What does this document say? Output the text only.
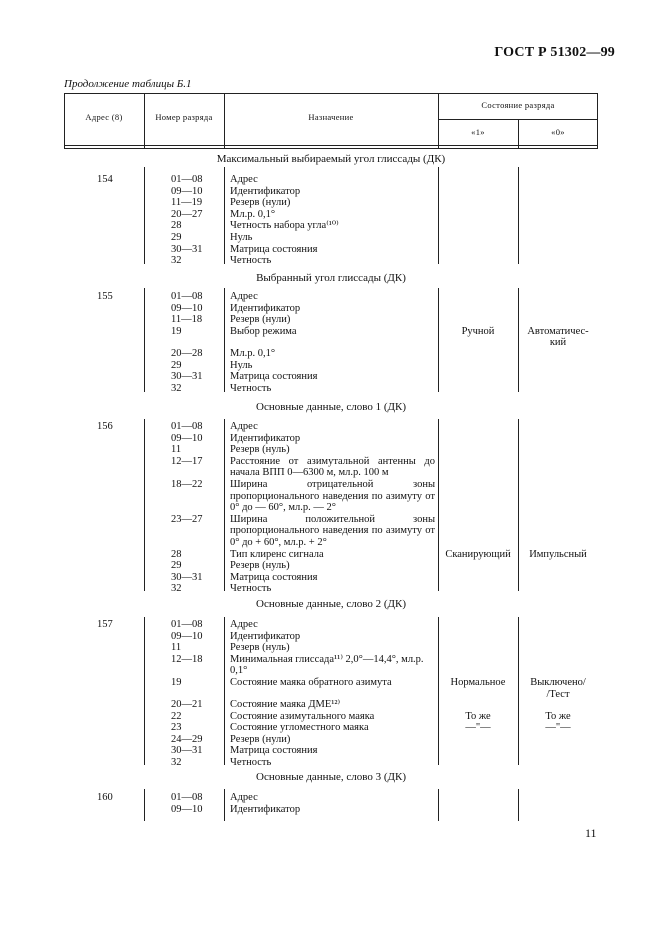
ГОСТ Р 51302—99
Продолжение таблицы Б.1
Адрес (8)	Номер разряда	Назначение
Состояние разряда
«1»	«0»
Максимальный выбираемый угол глиссады (ДК)
154	01—08	Адрес
09—10	Идентификатор
11—19	Резерв (нули)
20—27	Мл.р. 0,1°
28	Четность набора угла⁽¹⁰⁾
29	Нуль
30—31	Матрица состояния
32	Четность
Выбранный угол глиссады (ДК)
155	01—08	Адрес
09—10	Идентификатор
11—18	Резерв (нули)
19	Выбор режима	Ручной	Автоматичес-
кий
20—28	Мл.р. 0,1°
29	Нуль
30—31	Матрица состояния
32	Четность
Основные данные, слово 1 (ДК)
156	01—08	Адрес
09—10	Идентификатор
11	Резерв (нуль)
12—17	Расстояние от азимутальной антенны до начала ВПП 0—6300 м, мл.р. 100 м
18—22	Ширина отрицательной зоны пропорционального наведения по азимуту от 0° до — 60°, мл.р. — 2°
23—27	Ширина положительной зоны пропорционального наведения по азимуту от 0° до + 60°, мл.р. + 2°
28	Тип клиренс сигнала	Сканирующий	Импульсный
29	Резерв (нуль)
30—31	Матрица состояния
32	Четность
Основные данные, слово 2 (ДК)
157	01—08	Адрес
09—10	Идентификатор
11	Резерв (нуль)
12—18	Минимальная глиссада¹¹⁾ 2,0°—14,4°, мл.р. 0,1°
19	Состояние маяка обратного азимута	Нормальное	Выключено/
/Тест
20—21	Состояние маяка ДМЕ¹²⁾
22	Состояние азимутального маяка	То же	То же
23	Состояние угломестного маяка	—"—	—"—
24—29	Резерв (нули)
30—31	Матрица состояния
32	Четность
Основные данные, слово 3 (ДК)
160	01—08	Адрес
09—10	Идентификатор
11
